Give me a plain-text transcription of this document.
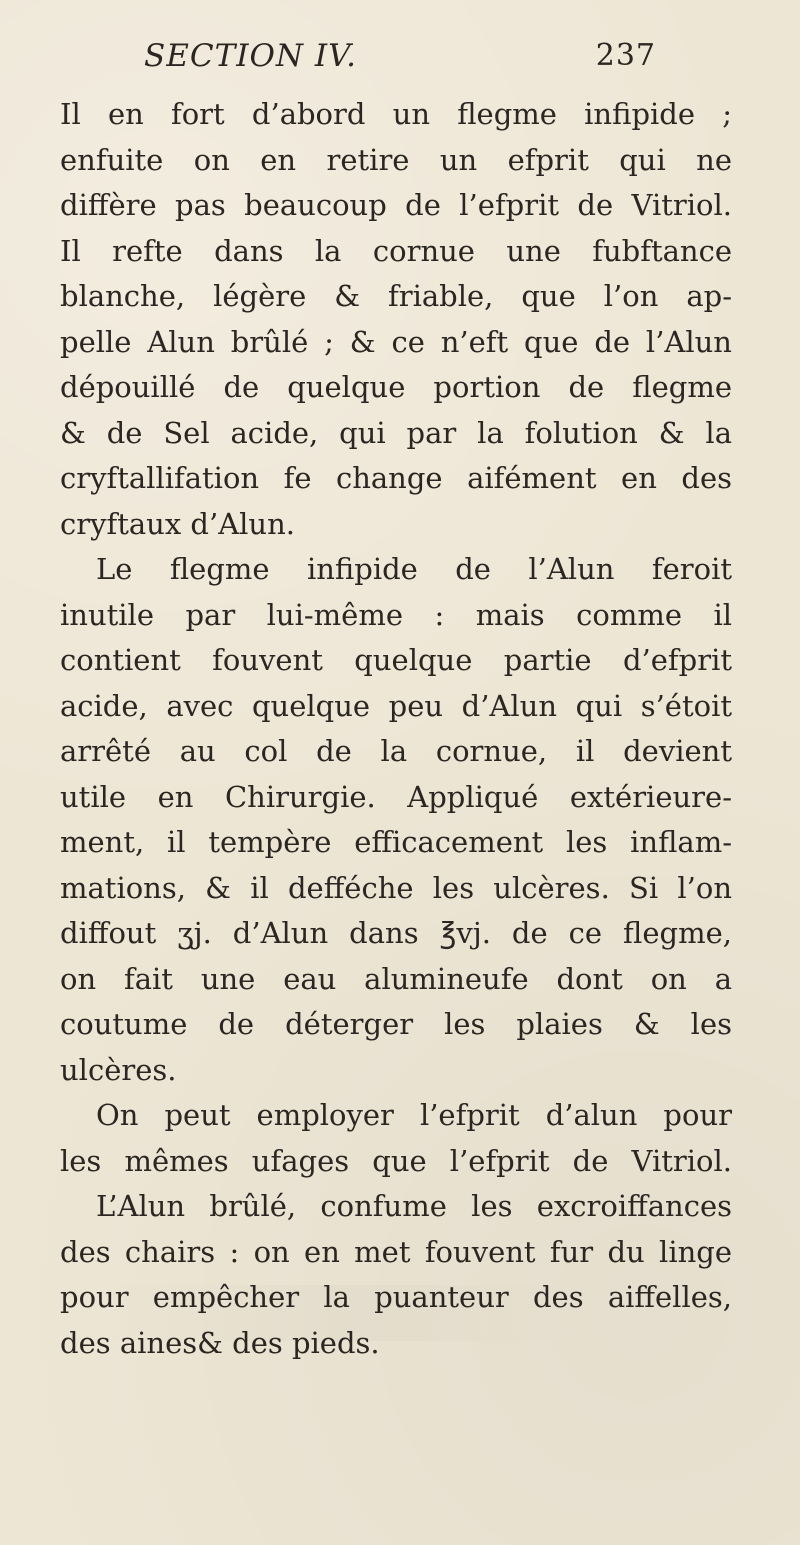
SECTION IV.	237
Il en fort d’abord un flegme infipide ;
enfuite on en retire un efprit qui ne
diffère pas beaucoup de l’efprit de Vitriol.
Il refte dans la cornue une fubftance
blanche, légère & friable, que l’on ap-
pelle Alun brûlé ; & ce n’eft que de l’Alun
dépouillé de quelque portion de flegme
& de Sel acide, qui par la folution & la
cryftallifation fe change aifément en des
cryftaux d’Alun.
Le flegme infipide de l’Alun feroit
inutile par lui-même : mais comme il
contient fouvent quelque partie d’efprit
acide, avec quelque peu d’Alun qui s’étoit
arrêté au col de la cornue, il devient
utile en Chirurgie. Appliqué extérieure-
ment, il tempère efficacement les inflam-
mations, & il defféche les ulcères. Si l’on
diffout ʒj. d’Alun dans ℥vj. de ce flegme,
on fait une eau alumineufe dont on a
coutume de déterger les plaies & les
ulcères.
On peut employer l’efprit d’alun pour
les mêmes ufages que l’efprit de Vitriol.
L’Alun brûlé, confume les excroiffances
des chairs : on en met fouvent fur du linge
pour empêcher la puanteur des aiffelles,
des aines& des pieds.
